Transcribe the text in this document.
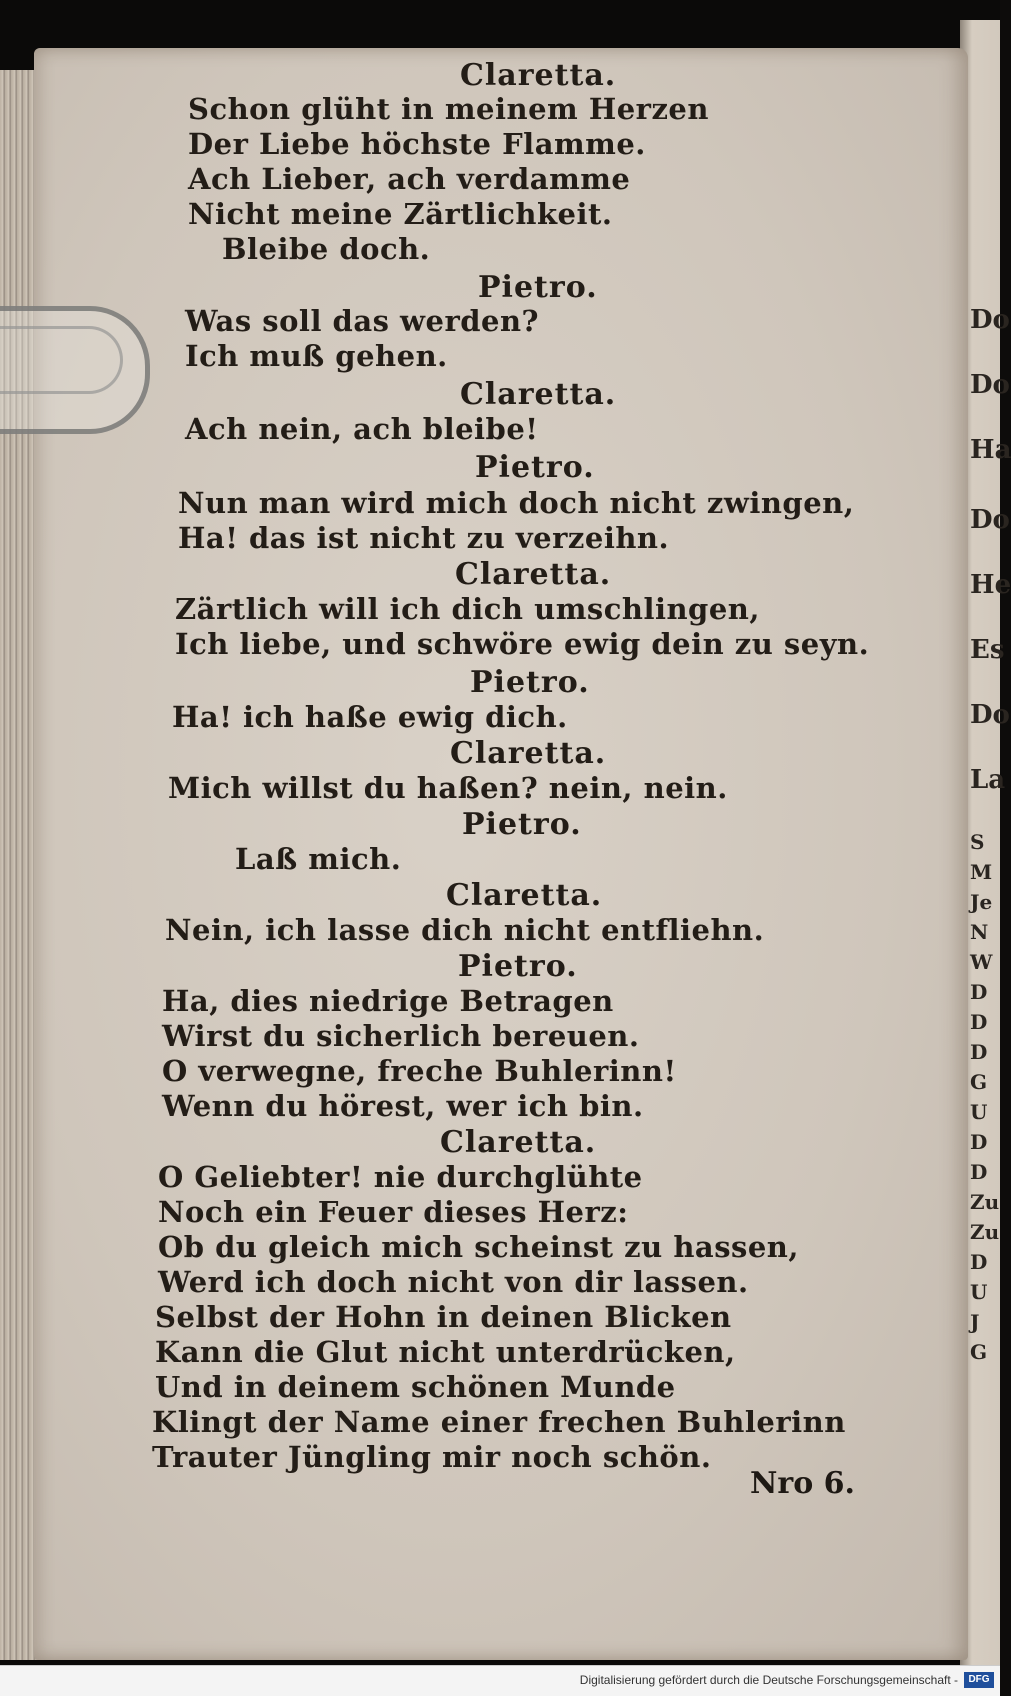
Do
Do
Ha
Do
He
Es
Do
La
S
M
Je
N
W
D
D
D
G
U
D
D
Zu
Zu
D
U
J
G
Claretta.
Schon glüht in meinem Herzen
Der Liebe höchste Flamme.
Ach Lieber, ach verdamme
Nicht meine Zärtlichkeit.
Bleibe doch.
Pietro.
Was soll das werden?
Ich muß gehen.
Claretta.
Ach nein, ach bleibe!
Pietro.
Nun man wird mich doch nicht zwingen,
Ha! das ist nicht zu verzeihn.
Claretta.
Zärtlich will ich dich umschlingen,
Ich liebe, und schwöre ewig dein zu seyn.
Pietro.
Ha! ich haße ewig dich.
Claretta.
Mich willst du haßen? nein, nein.
Pietro.
Laß mich.
Claretta.
Nein, ich lasse dich nicht entfliehn.
Pietro.
Ha, dies niedrige Betragen
Wirst du sicherlich bereuen.
O verwegne, freche Buhlerinn!
Wenn du hörest, wer ich bin.
Claretta.
O Geliebter! nie durchglühte
Noch ein Feuer dieses Herz:
Ob du gleich mich scheinst zu hassen,
Werd ich doch nicht von dir lassen.
Selbst der Hohn in deinen Blicken
Kann die Glut nicht unterdrücken,
Und in deinem schönen Munde
Klingt der Name einer frechen Buhlerinn
Trauter Jüngling mir noch schön.
Nro 6.
Digitalisierung gefördert durch die Deutsche Forschungsgemeinschaft -	DFG
